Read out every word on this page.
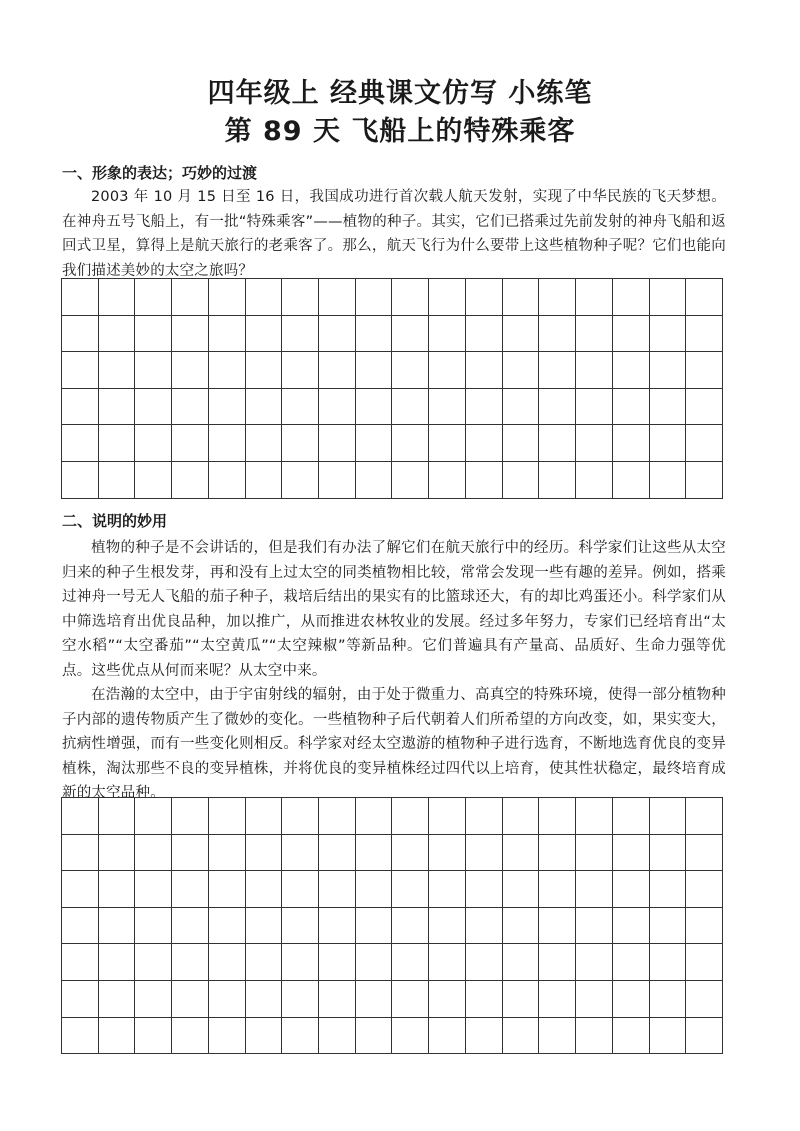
四年级上 经典课文仿写 小练笔
第 89 天 飞船上的特殊乘客
一、形象的表达；巧妙的过渡

2003 年 10 月 15 日至 16 日，我国成功进行首次载人航天发射，实现了中华民族的飞天梦想。在神舟五号飞船上，有一批“特殊乘客”——植物的种子。其实，它们已搭乘过先前发射的神舟飞船和返回式卫星，算得上是航天旅行的老乘客了。那么，航天飞行为什么要带上这些植物种子呢？它们也能向我们描述美妙的太空之旅吗？

二、说明的妙用

植物的种子是不会讲话的，但是我们有办法了解它们在航天旅行中的经历。科学家们让这些从太空归来的种子生根发芽，再和没有上过太空的同类植物相比较，常常会发现一些有趣的差异。例如，搭乘过神舟一号无人飞船的茄子种子，栽培后结出的果实有的比篮球还大，有的却比鸡蛋还小。科学家们从中筛选培育出优良品种，加以推广，从而推进农林牧业的发展。经过多年努力，专家们已经培育出“太空水稻”“太空番茄”“太空黄瓜”“太空辣椒”等新品种。它们普遍具有产量高、品质好、生命力强等优点。这些优点从何而来呢？从太空中来。

在浩瀚的太空中，由于宇宙射线的辐射，由于处于微重力、高真空的特殊环境，使得一部分植物种子内部的遗传物质产生了微妙的变化。一些植物种子后代朝着人们所希望的方向改变，如，果实变大，抗病性增强，而有一些变化则相反。科学家对经太空遨游的植物种子进行选育，不断地选育优良的变异植株，淘汰那些不良的变异植株，并将优良的变异植株经过四代以上培育，使其性状稳定，最终培育成新的太空品种。
